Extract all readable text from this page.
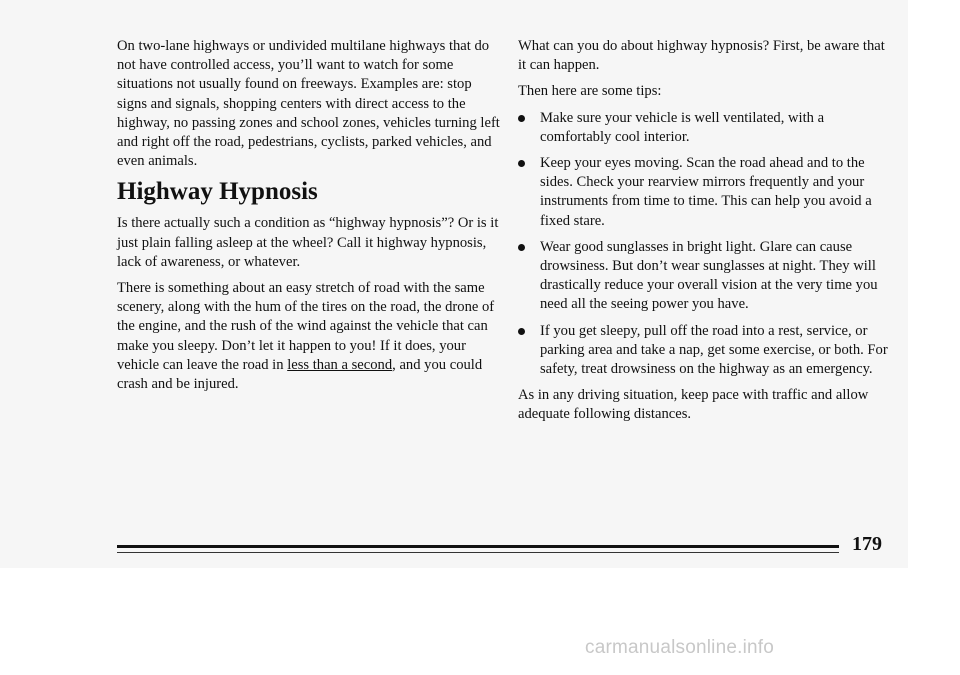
On two-lane highways or undivided multilane highways that do not have controlled access, you’ll want to watch for some situations not usually found on freeways. Examples are: stop signs and signals, shopping centers with direct access to the highway, no passing zones and school zones, vehicles turning left and right off the road, pedestrians, cyclists, parked vehicles, and even animals.

Highway Hypnosis

Is there actually such a condition as “highway hypnosis”? Or is it just plain falling asleep at the wheel? Call it highway hypnosis, lack of awareness, or whatever.

There is something about an easy stretch of road with the same scenery, along with the hum of the tires on the road, the drone of the engine, and the rush of the wind against the vehicle that can make you sleepy. Don’t let it happen to you! If it does, your vehicle can leave the road in less than a second, and you could crash and be injured.

What can you do about highway hypnosis? First, be aware that it can happen.

Then here are some tips:

Make sure your vehicle is well ventilated, with a comfortably cool interior.
Keep your eyes moving. Scan the road ahead and to the sides. Check your rearview mirrors frequently and your instruments from time to time. This can help you avoid a fixed stare.
Wear good sunglasses in bright light. Glare can cause drowsiness. But don’t wear sunglasses at night. They will drastically reduce your overall vision at the very time you need all the seeing power you have.
If you get sleepy, pull off the road into a rest, service, or parking area and take a nap, get some exercise, or both. For safety, treat drowsiness on the highway as an emergency.

As in any driving situation, keep pace with traffic and allow adequate following distances.

179
carmanualsonline.info
